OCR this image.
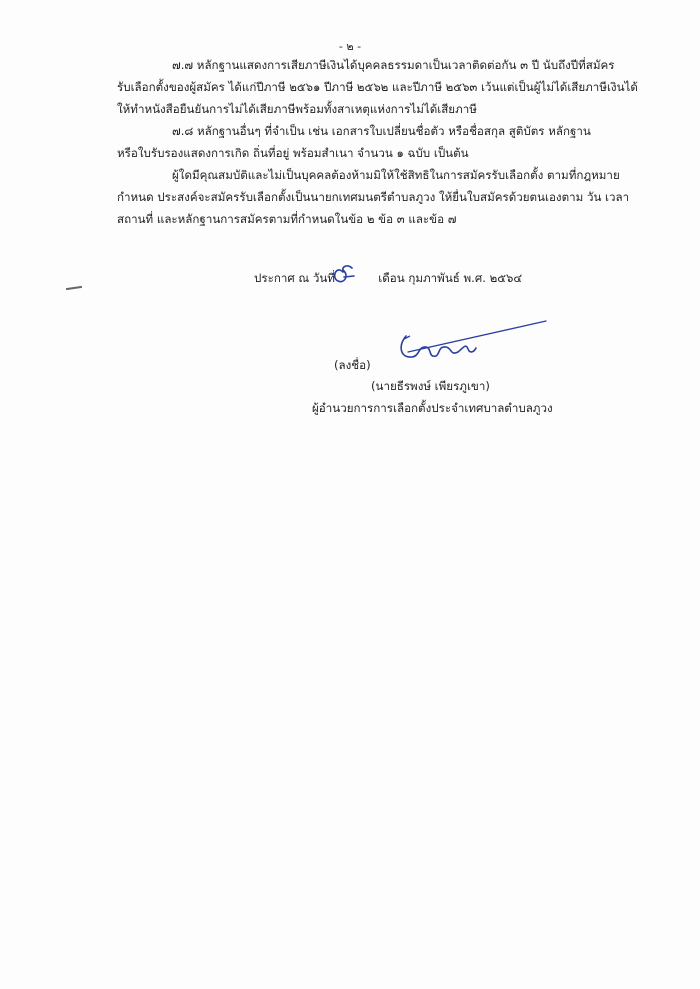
- ๒ -
๗.๗ หลักฐานแสดงการเสียภาษีเงินได้บุคคลธรรมดาเป็นเวลาติดต่อกัน ๓ ปี นับถึงปีที่สมัคร
รับเลือกตั้งของผู้สมัคร ได้แก่ปีภาษี ๒๕๖๑ ปีภาษี ๒๕๖๒ และปีภาษี ๒๕๖๓ เว้นแต่เป็นผู้ไม่ได้เสียภาษีเงินได้
ให้ทำหนังสือยืนยันการไม่ได้เสียภาษีพร้อมทั้งสาเหตุแห่งการไม่ได้เสียภาษี
๗.๘ หลักฐานอื่นๆ ที่จำเป็น เช่น เอกสารใบเปลี่ยนชื่อตัว หรือชื่อสกุล สูติบัตร หลักฐาน
หรือใบรับรองแสดงการเกิด ถิ่นที่อยู่ พร้อมสำเนา จำนวน ๑ ฉบับ เป็นต้น
ผู้ใดมีคุณสมบัติและไม่เป็นบุคคลต้องห้ามมิให้ใช้สิทธิในการสมัครรับเลือกตั้ง ตามที่กฎหมาย
กำหนด ประสงค์จะสมัครรับเลือกตั้งเป็นนายกเทศมนตรีตำบลภูวง ให้ยื่นใบสมัครด้วยตนเองตาม วัน เวลา
สถานที่ และหลักฐานการสมัครตามที่กำหนดในข้อ ๒ ข้อ ๓ และข้อ ๗
ประกาศ ณ วันที่	เดือน กุมภาพันธ์ พ.ศ. ๒๕๖๔
(ลงชื่อ)
(นายธีรพงษ์ เพียรภูเขา)
ผู้อำนวยการการเลือกตั้งประจำเทศบาลตำบลภูวง
